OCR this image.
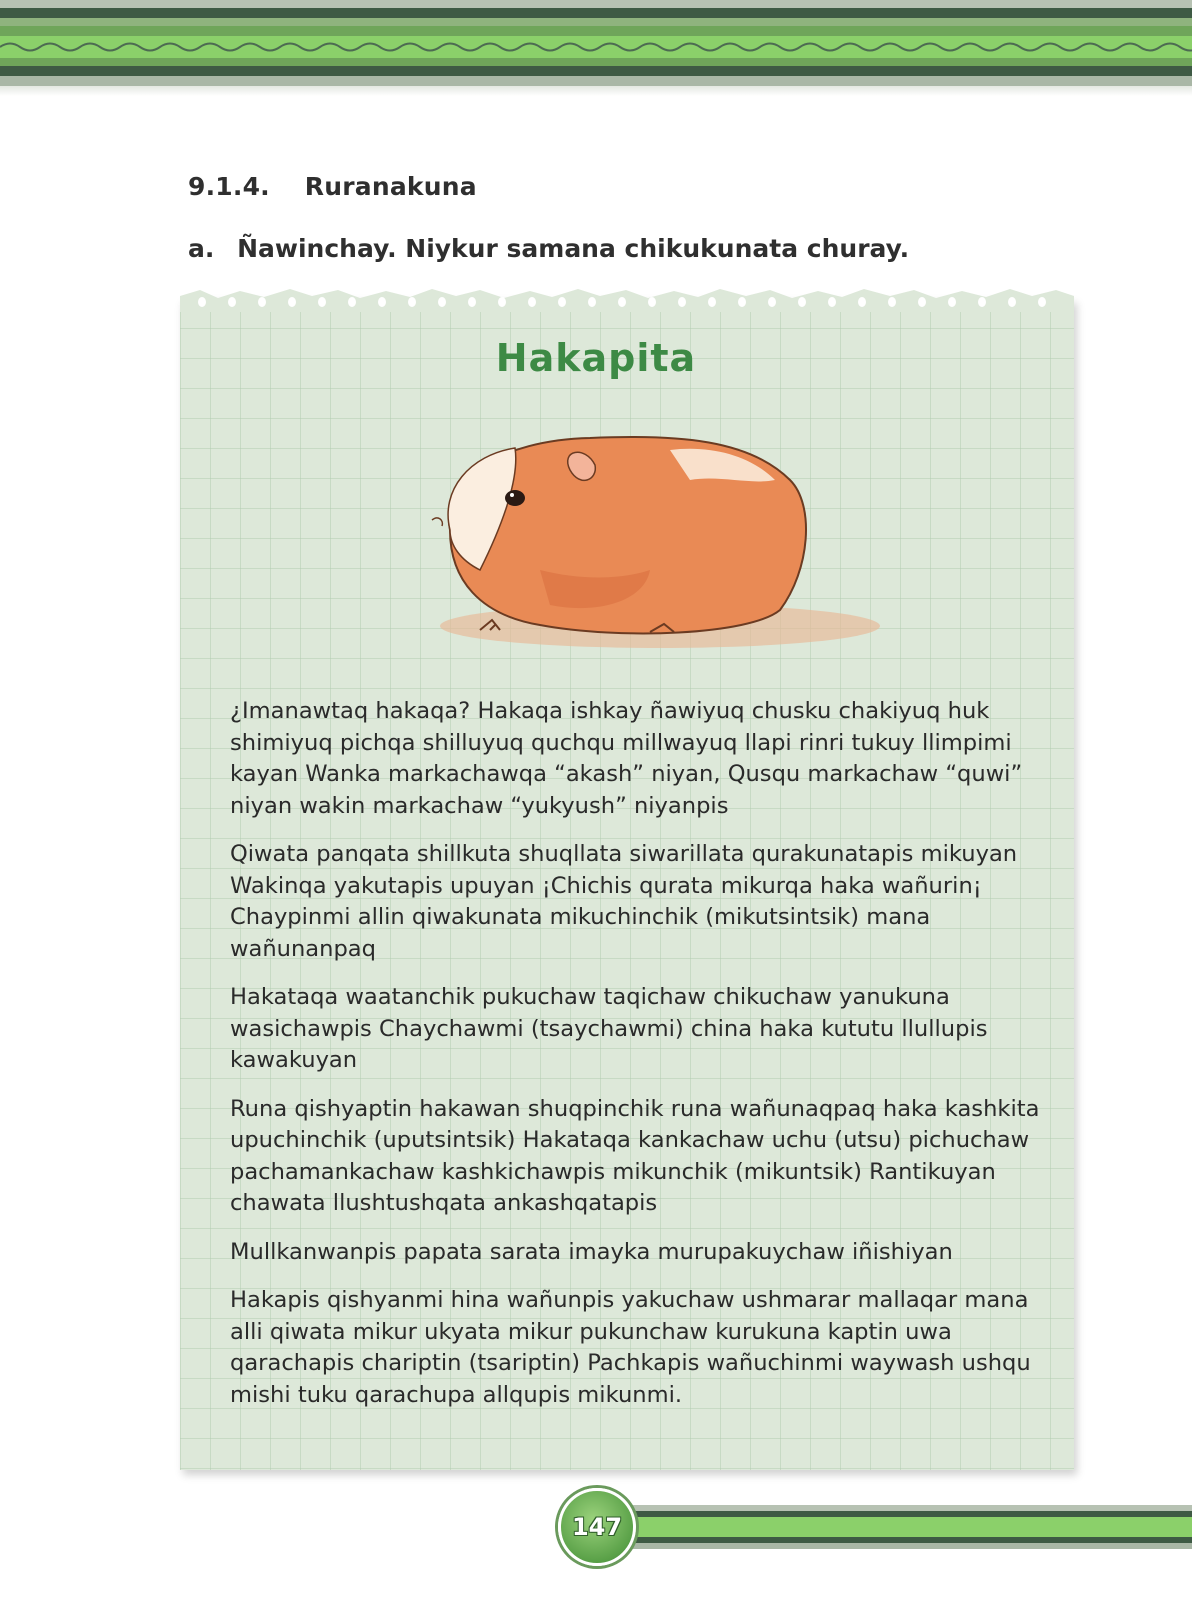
9.1.4. Ruranakuna
a. Ñawinchay. Niykur samana chikukunata churay.
Hakapita

¿Imanawtaq hakaqa? Hakaqa ishkay ñawiyuq chusku chakiyuq huk shimiyuq pichqa shilluyuq quchqu millwayuq llapi rinri tukuy llimpimi kayan Wanka markachawqa “akash” niyan, Qusqu markachaw “quwi” niyan wakin markachaw “yukyush” niyanpis

Qiwata panqata shillkuta shuqllata siwarillata qurakunatapis mikuyan Wakinqa yakutapis upuyan ¡Chichis qurata mikurqa haka wañurin¡ Chaypinmi allin qiwakunata mikuchinchik (mikutsintsik) mana wañunanpaq

Hakataqa waatanchik pukuchaw taqichaw chikuchaw yanukuna wasichawpis Chaychawmi (tsaychawmi) china haka kututu llullupis kawakuyan

Runa qishyaptin hakawan shuqpinchik runa wañunaqpaq haka kashkita upuchinchik (uputsintsik) Hakataqa kankachaw uchu (utsu) pichuchaw pachamankachaw kashkichawpis mikunchik (mikuntsik) Rantikuyan chawata llushtushqata ankashqatapis

Mullkanwanpis papata sarata imayka murupakuychaw iñishiyan

Hakapis qishyanmi hina wañunpis yakuchaw ushmarar mallaqar mana alli qiwata mikur ukyata mikur pukunchaw kurukuna kaptin uwa qarachapis chariptin (tsariptin) Pachkapis wañuchinmi waywash ushqu mishi tuku qarachupa allqupis mikunmi.

147
